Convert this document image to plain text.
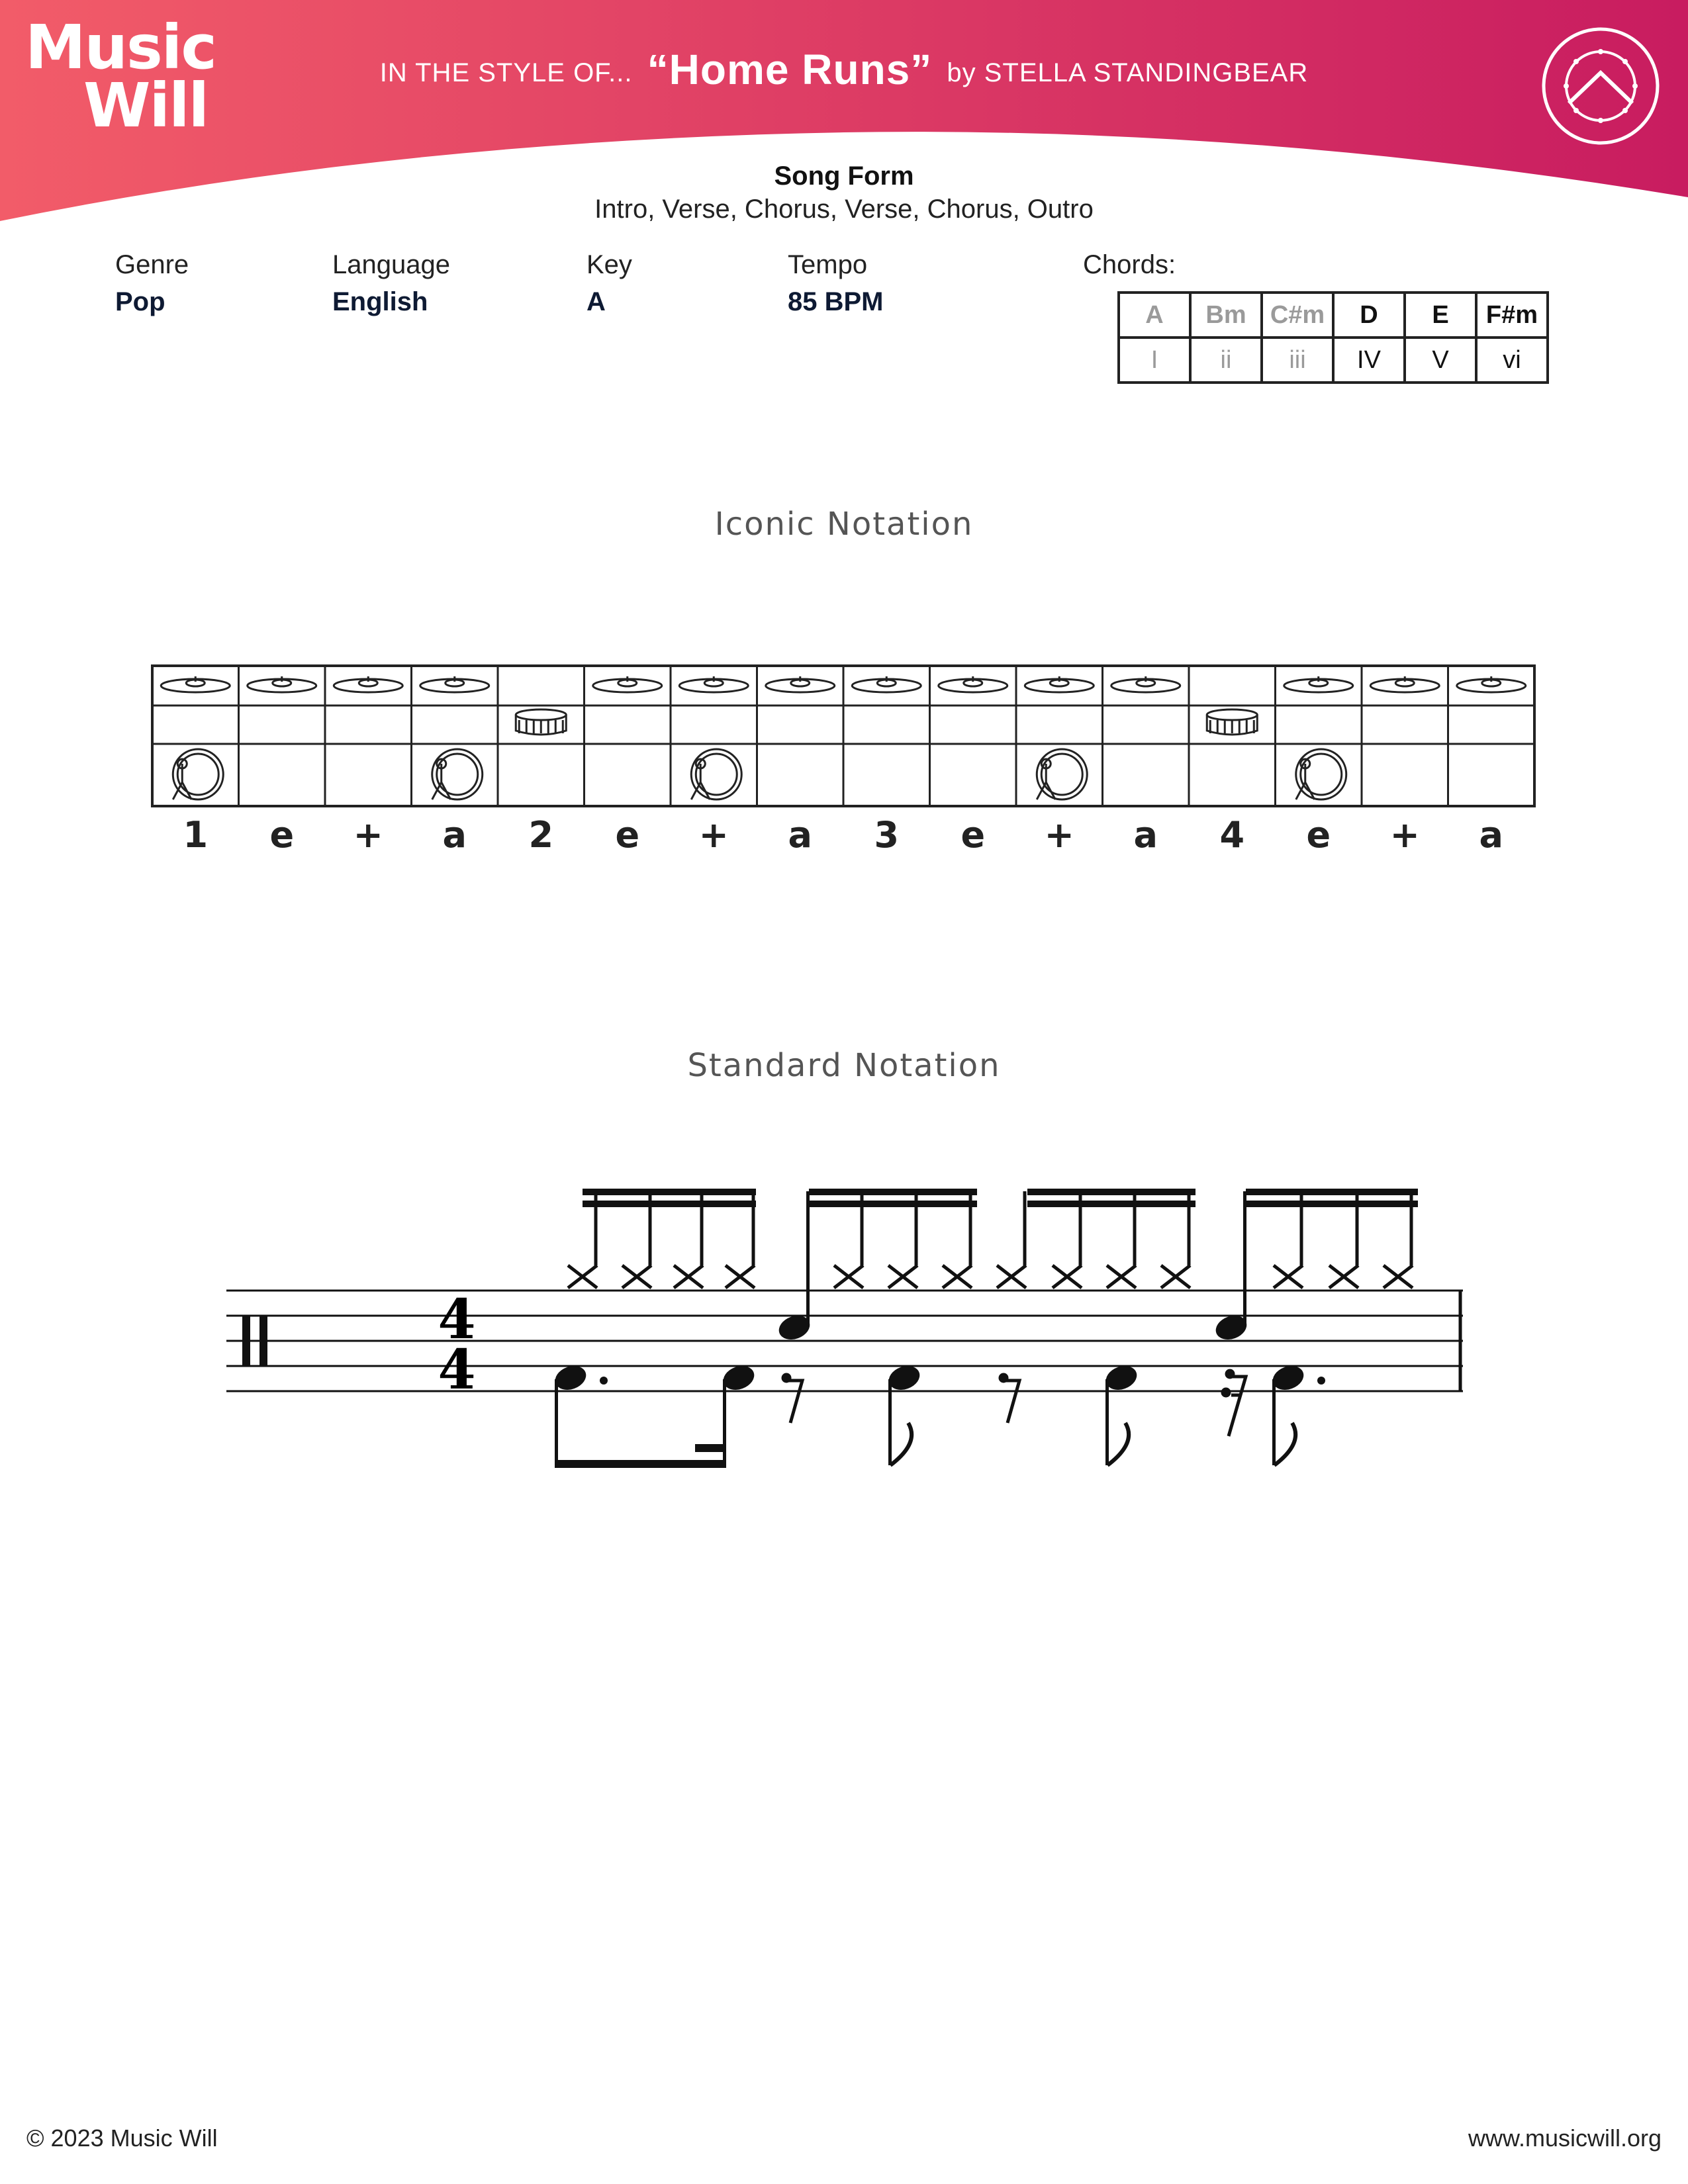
Music
Will	IN THE STYLE OF... “Home Runs” by STELLA STANDINGBEAR
Song Form
Intro, Verse, Chorus, Verse, Chorus, Outro
Genre
Pop
Language
English
Key
A
Tempo
85 BPM
Chords:
A	Bm	C#m	D	E	F#m
I	ii	iii	IV	V	vi
Iconic Notation
1	e	+	a	2	e	+	a	3	e	+	a	4	e	+	a
Standard Notation
4
4
© 2023 Music Will	www.musicwill.org
